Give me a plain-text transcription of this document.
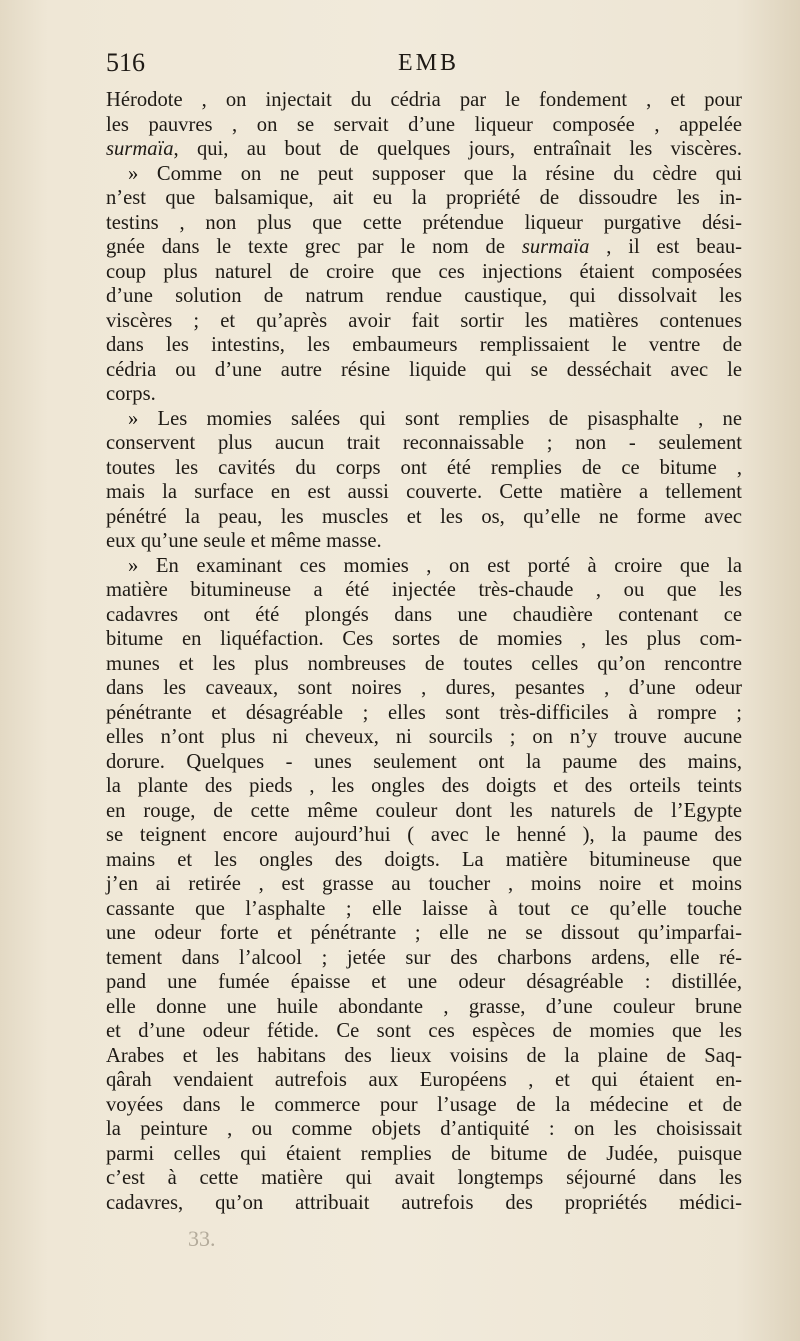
516	EMB
Hérodote , on injectait du cédria par le fondement , et pour
les pauvres , on se servait d’une liqueur composée , appelée
surmaïa, qui, au bout de quelques jours, entraînait les viscères.
» Comme on ne peut supposer que la résine du cèdre qui
n’est que balsamique, ait eu la propriété de dissoudre les in-
testins , non plus que cette prétendue liqueur purgative dési-
gnée dans le texte grec par le nom de surmaïa , il est beau-
coup plus naturel de croire que ces injections étaient composées
d’une solution de natrum rendue caustique, qui dissolvait les
viscères ; et qu’après avoir fait sortir les matières contenues
dans les intestins, les embaumeurs remplissaient le ventre de
cédria ou d’une autre résine liquide qui se desséchait avec le
corps.
» Les momies salées qui sont remplies de pisasphalte , ne
conservent plus aucun trait reconnaissable ; non - seulement
toutes les cavités du corps ont été remplies de ce bitume ,
mais la surface en est aussi couverte. Cette matière a tellement
pénétré la peau, les muscles et les os, qu’elle ne forme avec
eux qu’une seule et même masse.
» En examinant ces momies , on est porté à croire que la
matière bitumineuse a été injectée très-chaude , ou que les
cadavres ont été plongés dans une chaudière contenant ce
bitume en liquéfaction. Ces sortes de momies , les plus com-
munes et les plus nombreuses de toutes celles qu’on rencontre
dans les caveaux, sont noires , dures, pesantes , d’une odeur
pénétrante et désagréable ; elles sont très-difficiles à rompre ;
elles n’ont plus ni cheveux, ni sourcils ; on n’y trouve aucune
dorure. Quelques - unes seulement ont la paume des mains,
la plante des pieds , les ongles des doigts et des orteils teints
en rouge, de cette même couleur dont les naturels de l’Egypte
se teignent encore aujourd’hui ( avec le henné ), la paume des
mains et les ongles des doigts. La matière bitumineuse que
j’en ai retirée , est grasse au toucher , moins noire et moins
cassante que l’asphalte ; elle laisse à tout ce qu’elle touche
une odeur forte et pénétrante ; elle ne se dissout qu’imparfai-
tement dans l’alcool ; jetée sur des charbons ardens, elle ré-
pand une fumée épaisse et une odeur désagréable : distillée,
elle donne une huile abondante , grasse, d’une couleur brune
et d’une odeur fétide. Ce sont ces espèces de momies que les
Arabes et les habitans des lieux voisins de la plaine de Saq-
qârah vendaient autrefois aux Européens , et qui étaient en-
voyées dans le commerce pour l’usage de la médecine et de
la peinture , ou comme objets d’antiquité : on les choisissait
parmi celles qui étaient remplies de bitume de Judée, puisque
c’est à cette matière qui avait longtemps séjourné dans les
cadavres, qu’on attribuait autrefois des propriétés médici-
33.
